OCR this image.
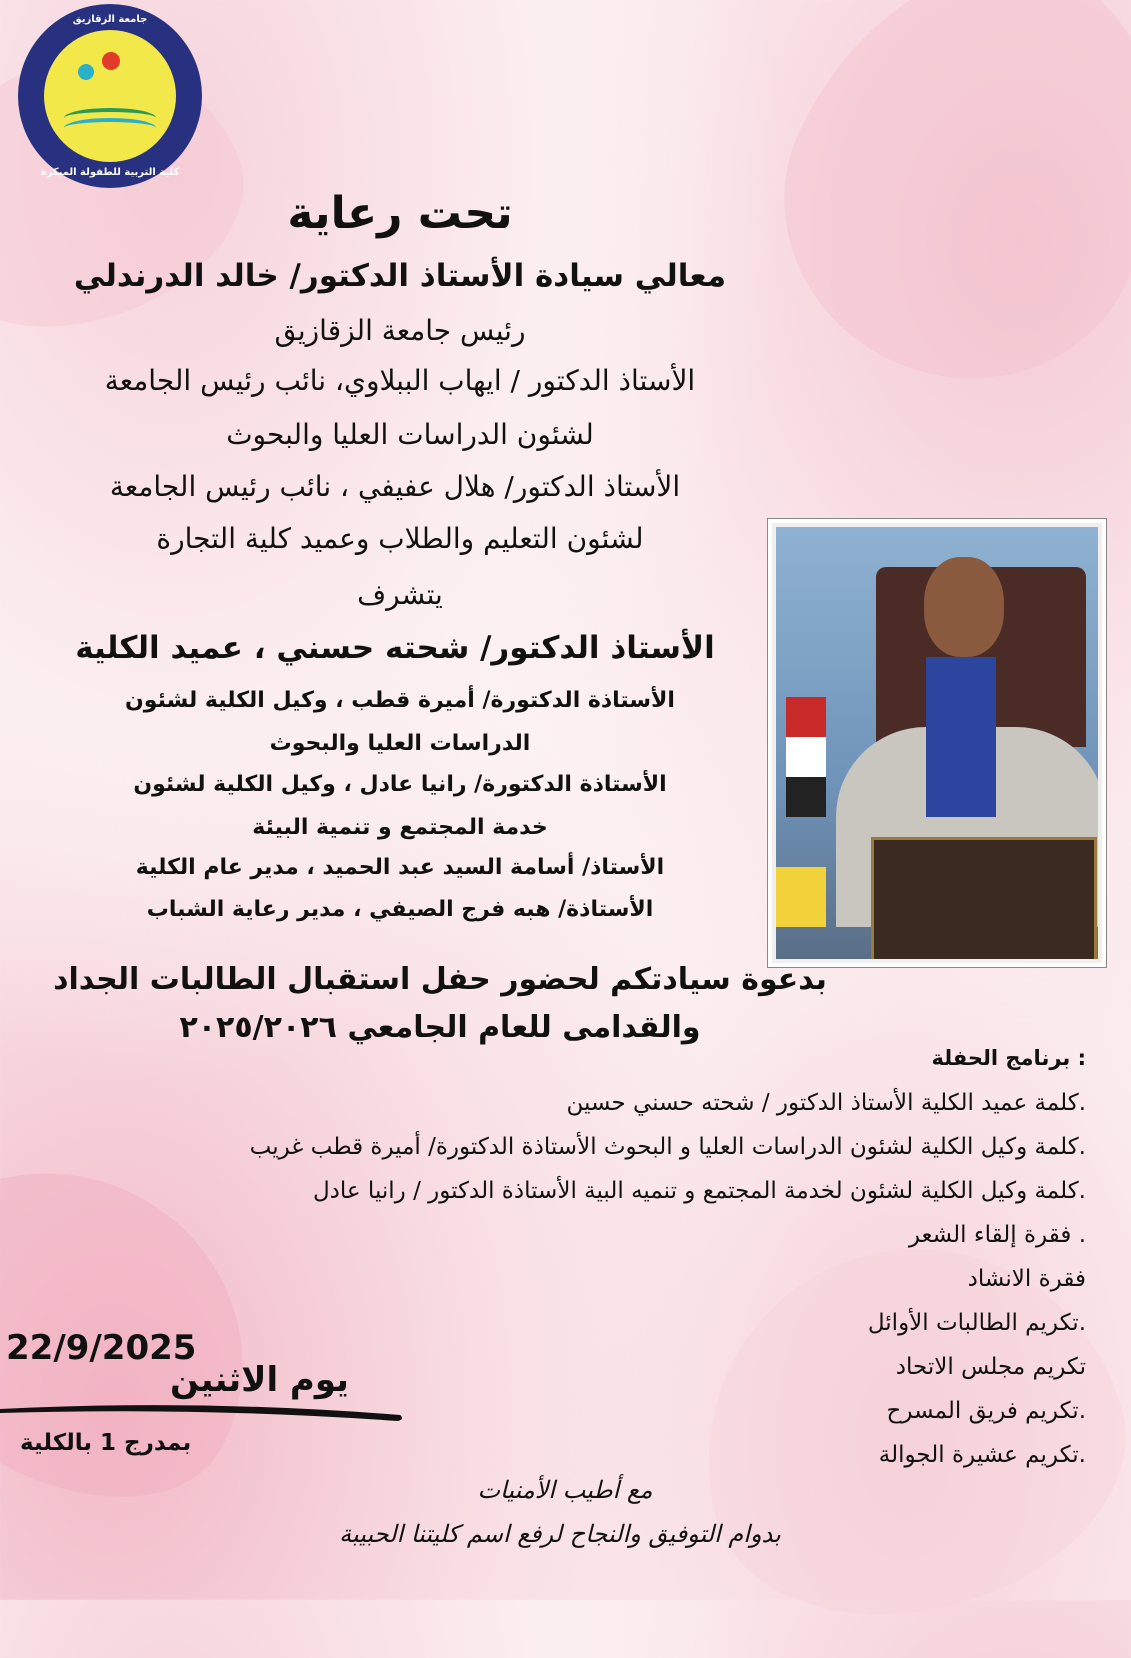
جامعة الزقازيق
كلية التربية للطفولة المبكرة
تحت رعاية
معالي سيادة الأستاذ الدكتور/ خالد الدرندلي
رئيس جامعة الزقازيق
الأستاذ الدكتور / ايهاب الببلاوي، نائب رئيس الجامعة
لشئون الدراسات العليا والبحوث
الأستاذ الدكتور/ هلال عفيفي ، نائب رئيس الجامعة
لشئون التعليم والطلاب وعميد كلية التجارة
يتشرف
الأستاذ الدكتور/ شحته حسني ، عميد الكلية
الأستاذة الدكتورة/ أميرة قطب ، وكيل الكلية لشئون
الدراسات العليا والبحوث
الأستاذة الدكتورة/ رانيا عادل ، وكيل الكلية لشئون
خدمة المجتمع و تنمية البيئة
الأستاذ/ أسامة السيد عبد الحميد ، مدير عام الكلية
الأستاذة/ هبه فرج الصيفي ، مدير رعاية الشباب
بدعوة سيادتكم لحضور حفل استقبال الطالبات الجداد
والقدامى للعام الجامعي ٢٠٢٥/٢٠٢٦
: برنامج الحفلة
.كلمة عميد الكلية الأستاذ الدكتور / شحته حسني حسين
.كلمة وكيل الكلية لشئون الدراسات العليا و البحوث الأستاذة الدكتورة/ أميرة قطب غريب
.كلمة وكيل الكلية لشئون لخدمة المجتمع و تنميه البية الأستاذة الدكتور / رانيا عادل
. فقرة إلقاء الشعر
فقرة الانشاد
.تكريم الطالبات الأوائل
تكريم مجلس الاتحاد
.تكريم فريق المسرح
.تكريم عشيرة الجوالة
22/9/2025
يوم الاثنين
بمدرج 1 بالكلية
مع أطيب الأمنيات
بدوام التوفيق والنجاح لرفع اسم كليتنا الحبيبة
